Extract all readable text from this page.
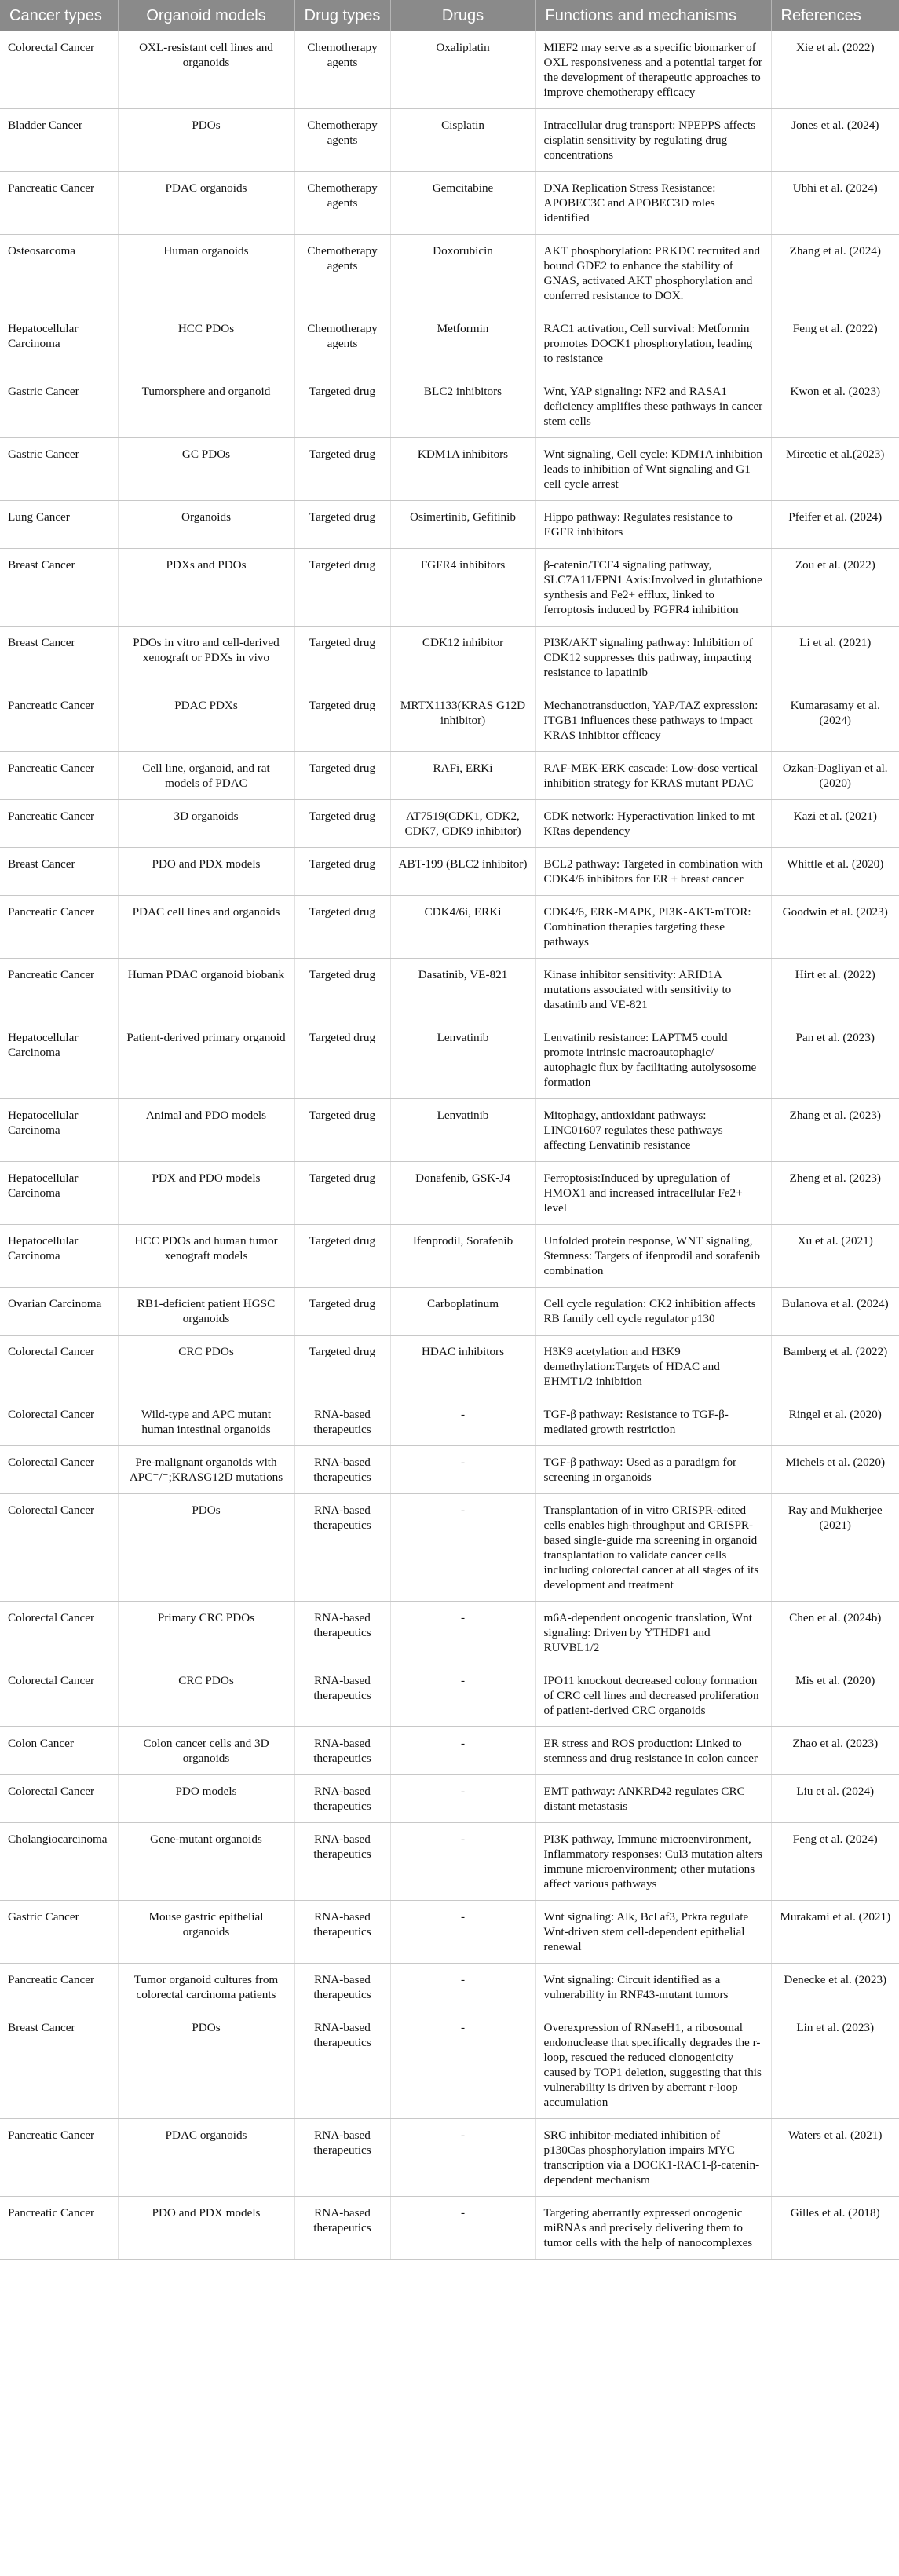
Cancer types	Organoid models	Drug types	Drugs	Functions and mechanisms	References
Colorectal Cancer	OXL-resistant cell lines and organoids	Chemotherapy agents	Oxaliplatin	MIEF2 may serve as a specific biomarker of OXL responsiveness and a potential target for the development of therapeutic approaches to improve chemotherapy efficacy	Xie et al. (2022)
Bladder Cancer	PDOs	Chemotherapy agents	Cisplatin	Intracellular drug transport: NPEPPS affects cisplatin sensitivity by regulating drug concentrations	Jones et al. (2024)
Pancreatic Cancer	PDAC organoids	Chemotherapy agents	Gemcitabine	DNA Replication Stress Resistance: APOBEC3C and APOBEC3D roles identified	Ubhi et al. (2024)
Osteosarcoma	Human organoids	Chemotherapy agents	Doxorubicin	AKT phosphorylation: PRKDC recruited and bound GDE2 to enhance the stability of GNAS, activated AKT phosphorylation and conferred resistance to DOX.	Zhang et al. (2024)
Hepatocellular Carcinoma	HCC PDOs	Chemotherapy agents	Metformin	RAC1 activation, Cell survival: Metformin promotes DOCK1 phosphorylation, leading to resistance	Feng et al. (2022)
Gastric Cancer	Tumorsphere and organoid	Targeted drug	BLC2 inhibitors	Wnt, YAP signaling: NF2 and RASA1 deficiency amplifies these pathways in cancer stem cells	Kwon et al. (2023)
Gastric Cancer	GC PDOs	Targeted drug	KDM1A inhibitors	Wnt signaling, Cell cycle: KDM1A inhibition leads to inhibition of Wnt signaling and G1 cell cycle arrest	Mircetic et al.(2023)
Lung Cancer	Organoids	Targeted drug	Osimertinib, Gefitinib	Hippo pathway: Regulates resistance to EGFR inhibitors	Pfeifer et al. (2024)
Breast Cancer	PDXs and PDOs	Targeted drug	FGFR4 inhibitors	β-catenin/TCF4 signaling pathway, SLC7A11/FPN1 Axis:Involved in glutathione synthesis and Fe2+ efflux, linked to ferroptosis induced by FGFR4 inhibition	Zou et al. (2022)
Breast Cancer	PDOs in vitro and cell-derived xenograft or PDXs in vivo	Targeted drug	CDK12 inhibitor	PI3K/AKT signaling pathway: Inhibition of CDK12 suppresses this pathway, impacting resistance to lapatinib	Li et al. (2021)
Pancreatic Cancer	PDAC PDXs	Targeted drug	MRTX1133(KRAS G12D inhibitor)	Mechanotransduction, YAP/TAZ expression: ITGB1 influences these pathways to impact KRAS inhibitor efficacy	Kumarasamy et al. (2024)
Pancreatic Cancer	Cell line, organoid, and rat models of PDAC	Targeted drug	RAFi, ERKi	RAF-MEK-ERK cascade: Low-dose vertical inhibition strategy for KRAS mutant PDAC	Ozkan-Dagliyan et al. (2020)
Pancreatic Cancer	3D organoids	Targeted drug	AT7519(CDK1, CDK2, CDK7, CDK9 inhibitor)	CDK network: Hyperactivation linked to mt KRas dependency	Kazi et al. (2021)
Breast Cancer	PDO and PDX models	Targeted drug	ABT-199 (BLC2 inhibitor)	BCL2 pathway: Targeted in combination with CDK4/6 inhibitors for ER + breast cancer	Whittle et al. (2020)
Pancreatic Cancer	PDAC cell lines and organoids	Targeted drug	CDK4/6i, ERKi	CDK4/6, ERK-MAPK, PI3K-AKT-mTOR: Combination therapies targeting these pathways	Goodwin et al. (2023)
Pancreatic Cancer	Human PDAC organoid biobank	Targeted drug	Dasatinib, VE-821	Kinase inhibitor sensitivity: ARID1A mutations associated with sensitivity to dasatinib and VE-821	Hirt et al. (2022)
Hepatocellular Carcinoma	Patient-derived primary organoid	Targeted drug	Lenvatinib	Lenvatinib resistance: LAPTM5 could promote intrinsic macroautophagic/ autophagic flux by facilitating autolysosome formation	Pan et al. (2023)
Hepatocellular Carcinoma	Animal and PDO models	Targeted drug	Lenvatinib	Mitophagy, antioxidant pathways: LINC01607 regulates these pathways affecting Lenvatinib resistance	Zhang et al. (2023)
Hepatocellular Carcinoma	PDX and PDO models	Targeted drug	Donafenib, GSK-J4	Ferroptosis:Induced by upregulation of HMOX1 and increased intracellular Fe2+ level	Zheng et al. (2023)
Hepatocellular Carcinoma	HCC PDOs and human tumor xenograft models	Targeted drug	Ifenprodil, Sorafenib	Unfolded protein response, WNT signaling, Stemness: Targets of ifenprodil and sorafenib combination	Xu et al. (2021)
Ovarian Carcinoma	RB1-deficient patient HGSC organoids	Targeted drug	Carboplatinum	Cell cycle regulation: CK2 inhibition affects RB family cell cycle regulator p130	Bulanova et al. (2024)
Colorectal Cancer	CRC PDOs	Targeted drug	HDAC inhibitors	H3K9 acetylation and H3K9 demethylation:Targets of HDAC and EHMT1/2 inhibition	Bamberg et al. (2022)
Colorectal Cancer	Wild-type and APC mutant human intestinal organoids	RNA-based therapeutics	-	TGF-β pathway: Resistance to TGF-β-mediated growth restriction	Ringel et al. (2020)
Colorectal Cancer	Pre-malignant organoids with APC⁻/⁻;KRASG12D mutations	RNA-based therapeutics	-	TGF-β pathway: Used as a paradigm for screening in organoids	Michels et al. (2020)
Colorectal Cancer	PDOs	RNA-based therapeutics	-	Transplantation of in vitro CRISPR-edited cells enables high-throughput and CRISPR-based single-guide rna screening in organoid transplantation to validate cancer cells including colorectal cancer at all stages of its development and treatment	Ray and Mukherjee (2021)
Colorectal Cancer	Primary CRC PDOs	RNA-based therapeutics	-	m6A-dependent oncogenic translation, Wnt signaling: Driven by YTHDF1 and RUVBL1/2	Chen et al. (2024b)
Colorectal Cancer	CRC PDOs	RNA-based therapeutics	-	IPO11 knockout decreased colony formation of CRC cell lines and decreased proliferation of patient-derived CRC organoids	Mis et al. (2020)
Colon Cancer	Colon cancer cells and 3D organoids	RNA-based therapeutics	-	ER stress and ROS production: Linked to stemness and drug resistance in colon cancer	Zhao et al. (2023)
Colorectal Cancer	PDO models	RNA-based therapeutics	-	EMT pathway: ANKRD42 regulates CRC distant metastasis	Liu et al. (2024)
Cholangiocarcinoma	Gene-mutant organoids	RNA-based therapeutics	-	PI3K pathway, Immune microenvironment, Inflammatory responses: Cul3 mutation alters immune microenvironment; other mutations affect various pathways	Feng et al. (2024)
Gastric Cancer	Mouse gastric epithelial organoids	RNA-based therapeutics	-	Wnt signaling: Alk, Bcl af3, Prkra regulate Wnt-driven stem cell-dependent epithelial renewal	Murakami et al. (2021)
Pancreatic Cancer	Tumor organoid cultures from colorectal carcinoma patients	RNA-based therapeutics	-	Wnt signaling: Circuit identified as a vulnerability in RNF43-mutant tumors	Denecke et al. (2023)
Breast Cancer	PDOs	RNA-based therapeutics	-	Overexpression of RNaseH1, a ribosomal endonuclease that specifically degrades the r-loop, rescued the reduced clonogenicity caused by TOP1 deletion, suggesting that this vulnerability is driven by aberrant r-loop accumulation	Lin et al. (2023)
Pancreatic Cancer	PDAC organoids	RNA-based therapeutics	-	SRC inhibitor-mediated inhibition of p130Cas phosphorylation impairs MYC transcription via a DOCK1-RAC1-β-catenin-dependent mechanism	Waters et al. (2021)
Pancreatic Cancer	PDO and PDX models	RNA-based therapeutics	-	Targeting aberrantly expressed oncogenic miRNAs and precisely delivering them to tumor cells with the help of nanocomplexes	Gilles et al. (2018)
